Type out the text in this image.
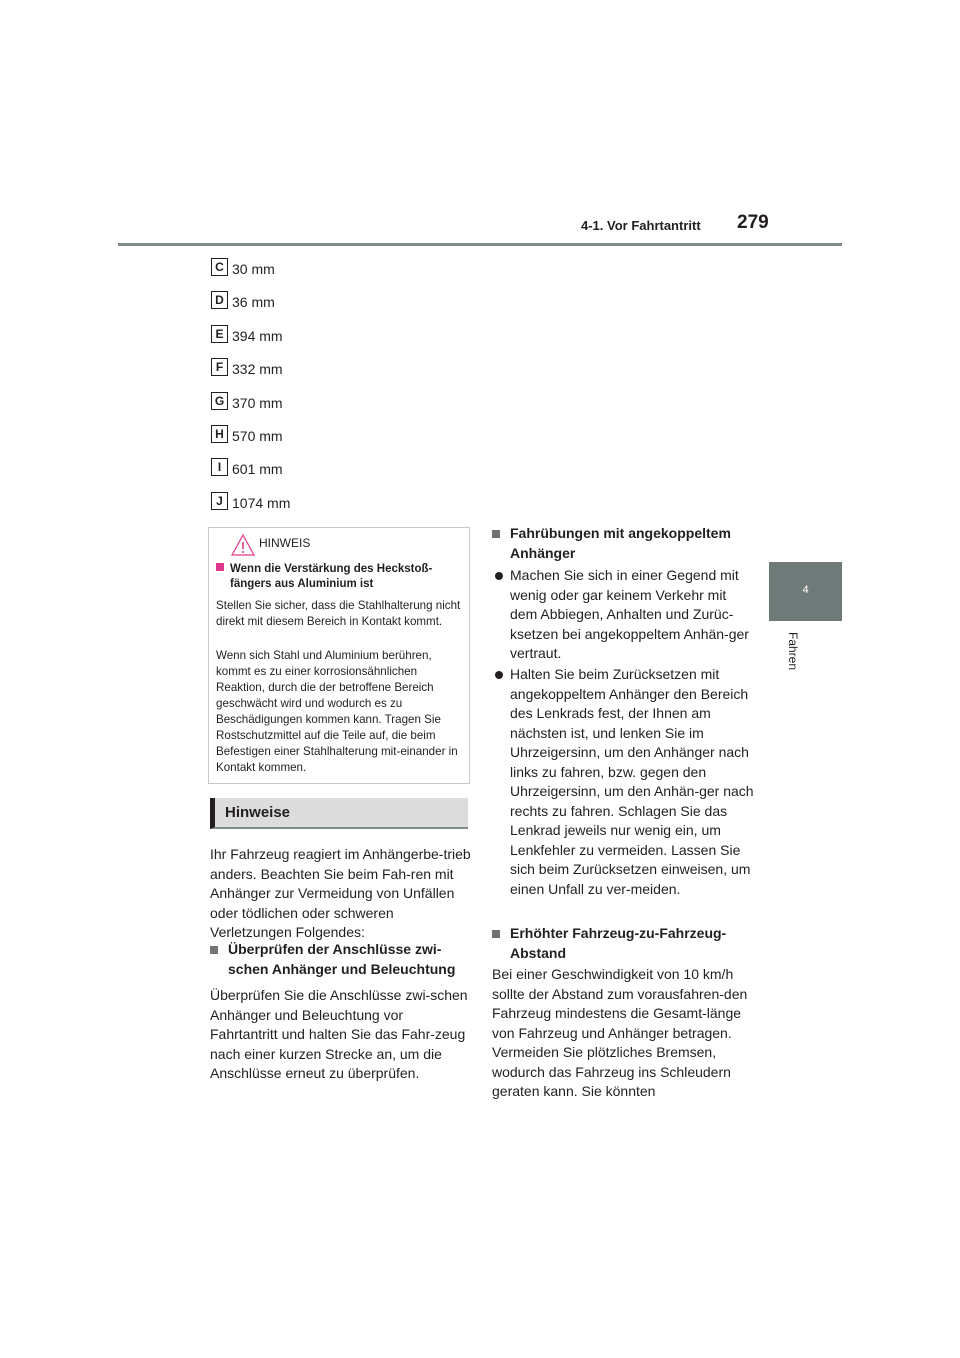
4-1. Vor Fahrtantritt 279
4
Fahren
C 30 mm
D 36 mm
E 394 mm
F 332 mm
G 370 mm
H 570 mm
I 601 mm
J 1074 mm
HINWEIS
Wenn die Verstärkung des Heckstoß-
fängers aus Aluminium ist
Stellen Sie sicher, dass die Stahlhalterung nicht direkt mit diesem Bereich in Kontakt kommt.
Wenn sich Stahl und Aluminium berühren, kommt es zu einer korrosionsähnlichen Reaktion, durch die der betroffene Bereich geschwächt wird und wodurch es zu Beschädigungen kommen kann. Tragen Sie Rostschutzmittel auf die Teile auf, die beim Befestigen einer Stahlhalterung mit-einander in Kontakt kommen.
Hinweise
Ihr Fahrzeug reagiert im Anhängerbe-trieb anders. Beachten Sie beim Fah-ren mit Anhänger zur Vermeidung von Unfällen oder tödlichen oder schweren Verletzungen Folgendes:
Überprüfen der Anschlüsse zwi-schen Anhänger und Beleuchtung
Überprüfen Sie die Anschlüsse zwi-schen Anhänger und Beleuchtung vor Fahrtantritt und halten Sie das Fahr-zeug nach einer kurzen Strecke an, um die Anschlüsse erneut zu überprüfen.
Fahrübungen mit angekoppeltem Anhänger
Machen Sie sich in einer Gegend mit wenig oder gar keinem Verkehr mit dem Abbiegen, Anhalten und Zurüc-ksetzen bei angekoppeltem Anhän-ger vertraut.
Halten Sie beim Zurücksetzen mit angekoppeltem Anhänger den Bereich des Lenkrads fest, der Ihnen am nächsten ist, und lenken Sie im Uhrzeigersinn, um den Anhänger nach links zu fahren, bzw. gegen den Uhrzeigersinn, um den Anhän-ger nach rechts zu fahren. Schlagen Sie das Lenkrad jeweils nur wenig ein, um Lenkfehler zu vermeiden. Lassen Sie sich beim Zurücksetzen einweisen, um einen Unfall zu ver-meiden.
Erhöhter Fahrzeug-zu-Fahrzeug-Abstand
Bei einer Geschwindigkeit von 10 km/h sollte der Abstand zum vorausfahren-den Fahrzeug mindestens die Gesamt-länge von Fahrzeug und Anhänger betragen. Vermeiden Sie plötzliches Bremsen, wodurch das Fahrzeug ins Schleudern geraten kann. Sie könnten
